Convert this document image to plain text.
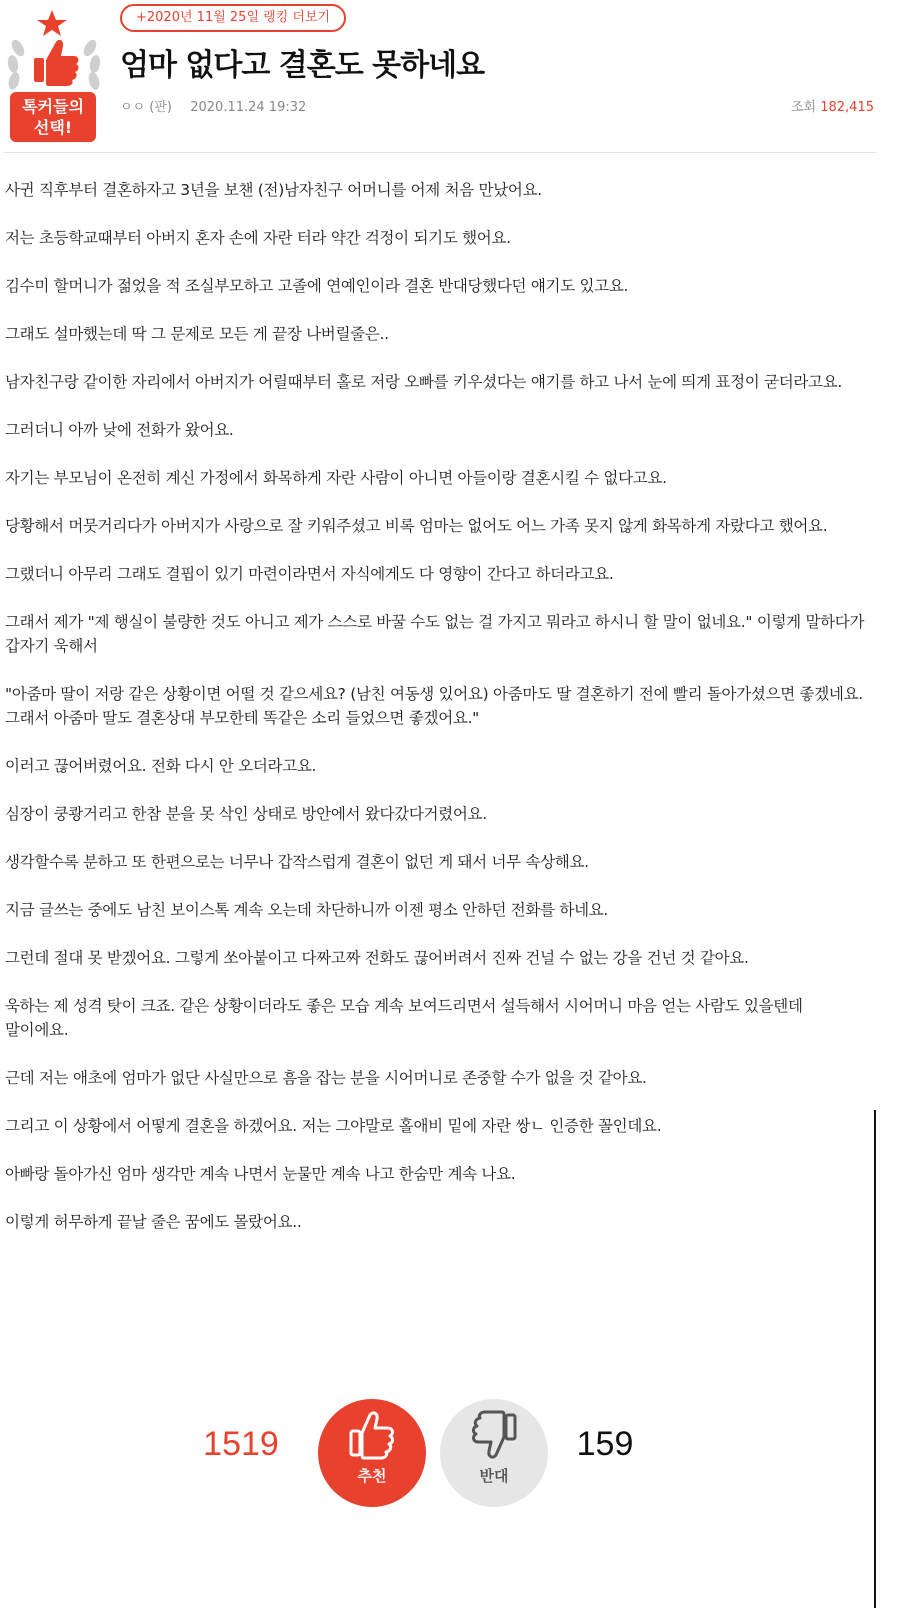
톡커들의 선택!
+2020년 11월 25일 랭킹 더보기
엄마 없다고 결혼도 못하네요
ㅇㅇ (판) 2020.11.24 19:32	조회 182,415

사귄 직후부터 결혼하자고 3년을 보챈 (전)남자친구 어머니를 어제 처음 만났어요.

저는 초등학교때부터 아버지 혼자 손에 자란 터라 약간 걱정이 되기도 했어요.

김수미 할머니가 젊었을 적 조실부모하고 고졸에 연예인이라 결혼 반대당했다던 얘기도 있고요.

그래도 설마했는데 딱 그 문제로 모든 게 끝장 나버릴줄은..

남자친구랑 같이한 자리에서 아버지가 어릴때부터 홀로 저랑 오빠를 키우셨다는 얘기를 하고 나서 눈에 띄게 표정이 굳더라고요.

그러더니 아까 낮에 전화가 왔어요.

자기는 부모님이 온전히 계신 가정에서 화목하게 자란 사람이 아니면 아들이랑 결혼시킬 수 없다고요.

당황해서 머뭇거리다가 아버지가 사랑으로 잘 키워주셨고 비록 엄마는 없어도 어느 가족 못지 않게 화목하게 자랐다고 했어요.

그랬더니 아무리 그래도 결핍이 있기 마련이라면서 자식에게도 다 영향이 간다고 하더라고요.

그래서 제가 "제 행실이 불량한 것도 아니고 제가 스스로 바꿀 수도 없는 걸 가지고 뭐라고 하시니 할 말이 없네요." 이렇게 말하다가 갑자기 욱해서

"아줌마 딸이 저랑 같은 상황이면 어떨 것 같으세요? (남친 여동생 있어요) 아줌마도 딸 결혼하기 전에 빨리 돌아가셨으면 좋겠네요. 그래서 아줌마 딸도 결혼상대 부모한테 똑같은 소리 들었으면 좋겠어요."

이러고 끊어버렸어요. 전화 다시 안 오더라고요.

심장이 쿵쾅거리고 한참 분을 못 삭인 상태로 방안에서 왔다갔다거렸어요.

생각할수록 분하고 또 한편으로는 너무나 갑작스럽게 결혼이 없던 게 돼서 너무 속상해요.

지금 글쓰는 중에도 남친 보이스톡 계속 오는데 차단하니까 이젠 평소 안하던 전화를 하네요.

그런데 절대 못 받겠어요. 그렇게 쏘아붙이고 다짜고짜 전화도 끊어버려서 진짜 건널 수 없는 강을 건넌 것 같아요.

욱하는 제 성격 탓이 크죠. 같은 상황이더라도 좋은 모습 계속 보여드리면서 설득해서 시어머니 마음 얻는 사람도 있을텐데 말이에요.

근데 저는 애초에 엄마가 없단 사실만으로 흠을 잡는 분을 시어머니로 존중할 수가 없을 것 같아요.

그리고 이 상황에서 어떻게 결혼을 하겠어요. 저는 그야말로 홀애비 밑에 자란 쌍ㄴ 인증한 꼴인데요.

아빠랑 돌아가신 엄마 생각만 계속 나면서 눈물만 계속 나고 한숨만 계속 나요.

이렇게 허무하게 끝날 줄은 꿈에도 몰랐어요..

1519
추천	반대
159
